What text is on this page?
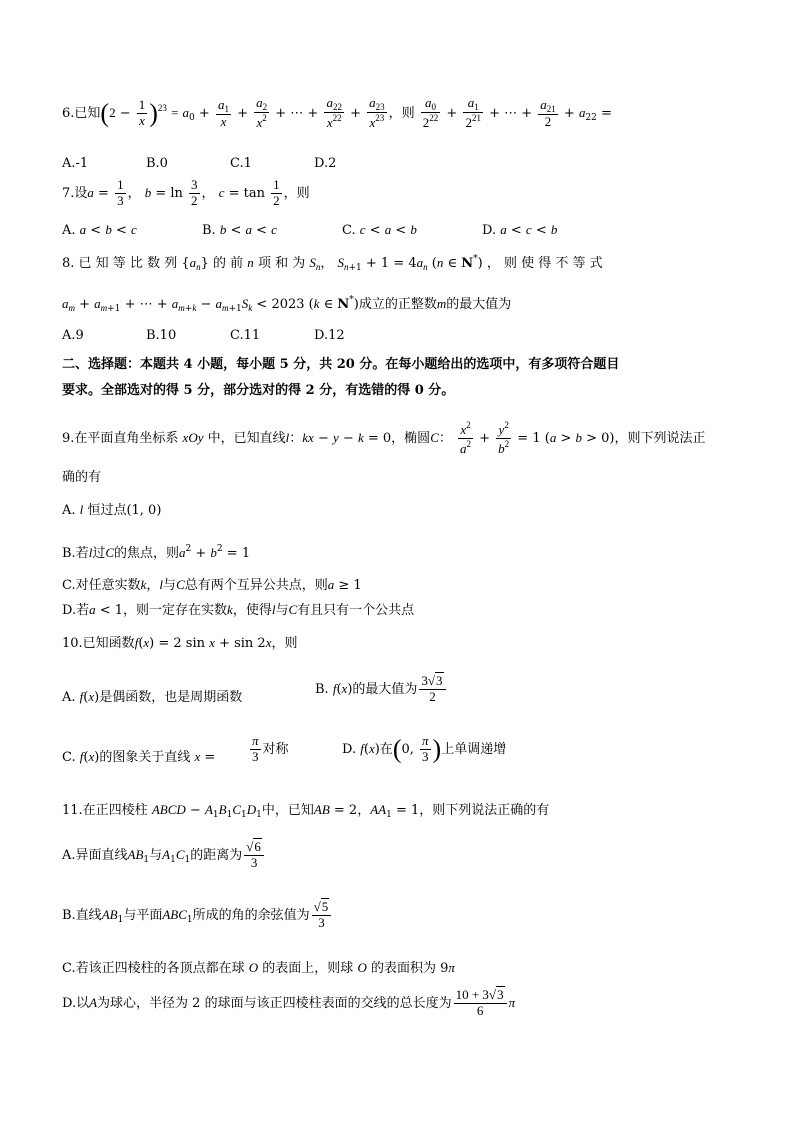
6.已知$(2 - \frac{1}{x} )^{23} = a_0 + \frac{a_1}{x} + \frac{a_2}{x^2}$ + ⋯ + $\frac{a_{22}}{x^{22}} + \frac{a_{23}}{x^{23}}$ ，则 $\frac{a_0}{2^{22}} + \frac{a_1}{2^{21}}$ + ⋯ + $\frac{a_{21}}{2} + a_{22}$ =
A.-1	B.0	C.1	D.2
7.设$a = \frac{1}{3}$ ， $b = \ln \frac{3}{2}$ ， $c = \tan \frac{1}{2}$ ，则
A. a < b < c	B. b < a < c	C. c < a < b	D. a < c < b
8. 已 知 等 比 数 列 $\{a_n\}$ 的 前 n 项 和 为 $S_n$， $S_{n+1} + 1 = 4a_n$ (n ∈ N*) ， 则 使 得 不 等 式
$a_m + a_{m+1}$ + ⋯ + $a_{m+k} - a_{m+1}S_k < 2023$ (k ∈ N*)成立的正整数m的最大值为
A.9	B.10	C.11	D.12
二、选择题：本题共 4 小题，每小题 5 分，共 20 分。在每小题给出的选项中，有多项符合题目
要求。全部选对的得 5 分，部分选对的得 2 分，有选错的得 0 分。
9.在平面直角坐标系 xOy 中，已知直线l：kx − y − k = 0，椭圆C： $\frac{x^2}{a^2} + \frac{y^2}{b^2} = 1$ (a > b > 0)，则下列说法正
确的有
A. l 恒过点(1, 0)
B.若l过C的焦点，则$a^2 + b^2 = 1$
C.对任意实数k，l与C总有两个互异公共点，则a ≥ 1
D.若a < 1，则一定存在实数k，使得l与C有且只有一个公共点
10.已知函数f(x) = 2 sin x + sin 2x，则
A. f(x)是偶函数，也是周期函数
B. f(x)的最大值为 $\frac{3√3}{2}$
C. f(x)的图象关于直线 x =	$\frac{\pi}{3}$ 对称	D. f(x)在(0, $\frac{\pi}{3}$ )上单调递增
11.在正四棱柱 ABCD − $A_1B_1C_1D_1$中，已知AB = 2，$AA_1 = 1$，则下列说法正确的有
A.异面直线$AB_1$与$A_1C_1$的距离为 $\frac{√6}{3}$
B.直线$AB_1$与平面$ABC_1$所成的角的余弦值为 $\frac{√5}{3}$
C.若该正四棱柱的各顶点都在球 O 的表面上，则球 O 的表面积为 9π
D.以A为球心，半径为 2 的球面与该正四棱柱表面的交线的总长度为 $\frac{10 + 3√3}{6}$ π
